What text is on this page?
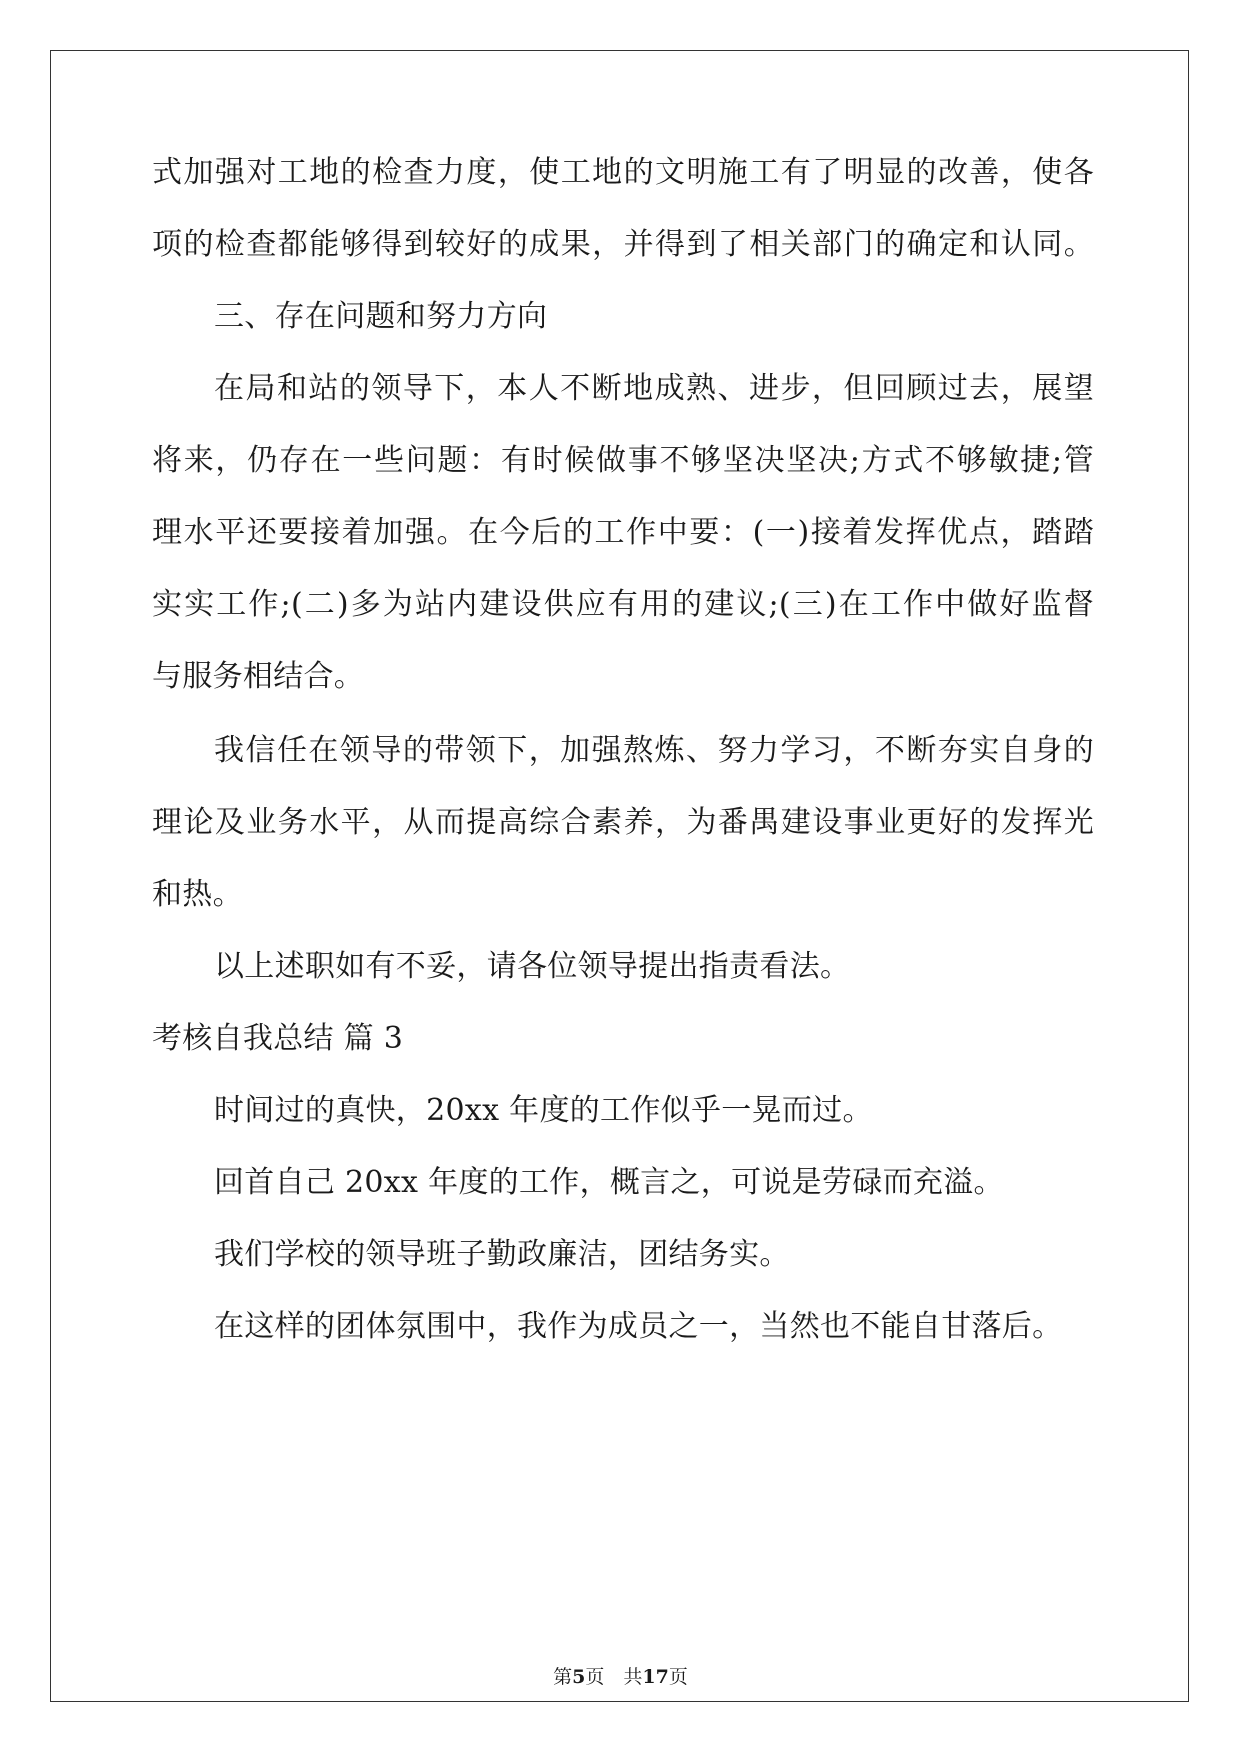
式加强对工地的检查力度，使工地的文明施工有了明显的改善，使各
项的检查都能够得到较好的成果，并得到了相关部门的确定和认同。
三、存在问题和努力方向
在局和站的领导下，本人不断地成熟、进步，但回顾过去，展望
将来，仍存在一些问题：有时候做事不够坚决坚决;方式不够敏捷;管
理水平还要接着加强。在今后的工作中要：(一)接着发挥优点，踏踏
实实工作;(二)多为站内建设供应有用的建议;(三)在工作中做好监督
与服务相结合。
我信任在领导的带领下，加强熬炼、努力学习，不断夯实自身的
理论及业务水平，从而提高综合素养，为番禺建设事业更好的发挥光
和热。
以上述职如有不妥，请各位领导提出指责看法。
考核自我总结 篇 3
时间过的真快，20xx 年度的工作似乎一晃而过。
回首自己 20xx 年度的工作，概言之，可说是劳碌而充溢。
我们学校的领导班子勤政廉洁，团结务实。
在这样的团体氛围中，我作为成员之一，当然也不能自甘落后。
第5页　共17页
